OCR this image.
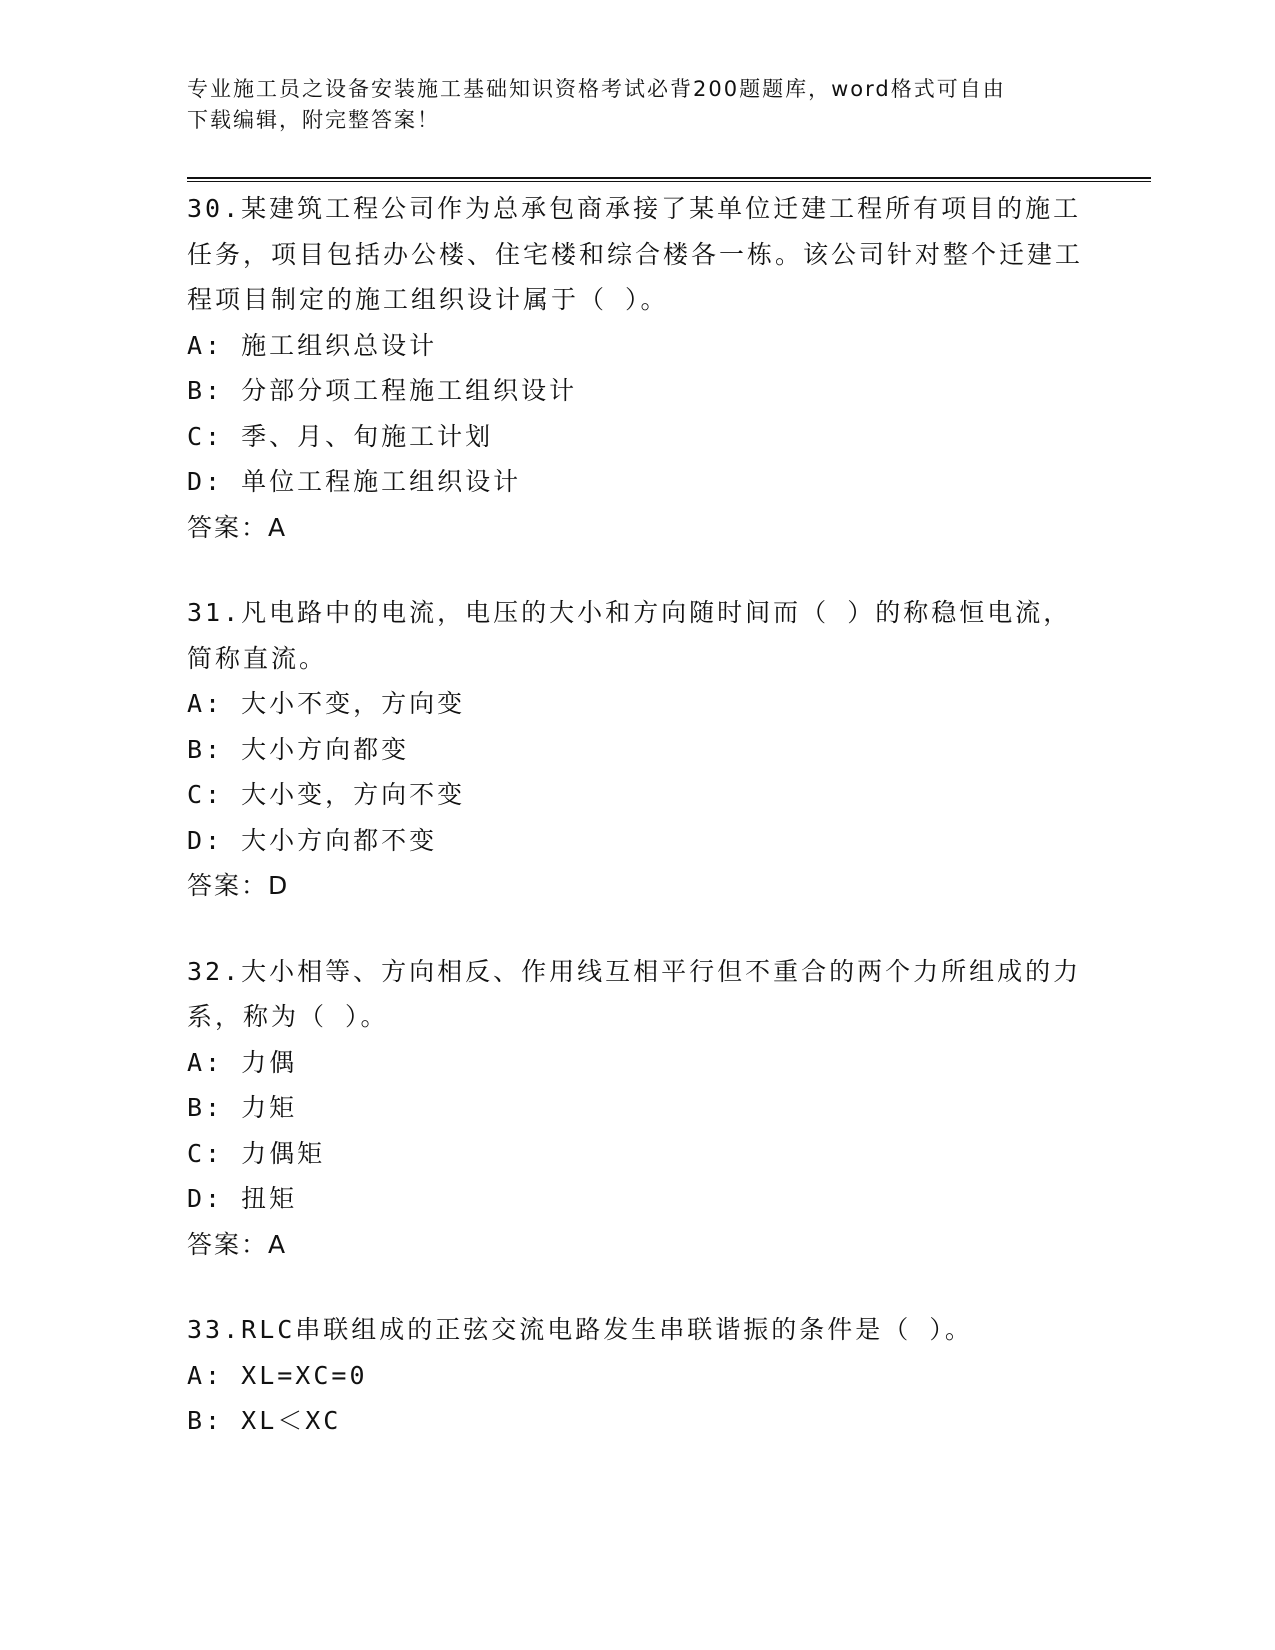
专业施工员之设备安装施工基础知识资格考试必背200题题库，word格式可自由
下载编辑，附完整答案！

30.某建筑工程公司作为总承包商承接了某单位迁建工程所有项目的施工任务，项目包括办公楼、住宅楼和综合楼各一栋。该公司针对整个迁建工程项目制定的施工组织设计属于（ ）。

A: 施工组织总设计

B: 分部分项工程施工组织设计

C: 季、月、旬施工计划

D: 单位工程施工组织设计

答案：A

31.凡电路中的电流，电压的大小和方向随时间而（ ）的称稳恒电流，简称直流。

A: 大小不变，方向变

B: 大小方向都变

C: 大小变，方向不变

D: 大小方向都不变

答案：D

32.大小相等、方向相反、作用线互相平行但不重合的两个力所组成的力系，称为（ ）。

A: 力偶

B: 力矩

C: 力偶矩

D: 扭矩

答案：A

33.RLC串联组成的正弦交流电路发生串联谐振的条件是（ ）。

A: XL=XC=0

B: XL＜XC
